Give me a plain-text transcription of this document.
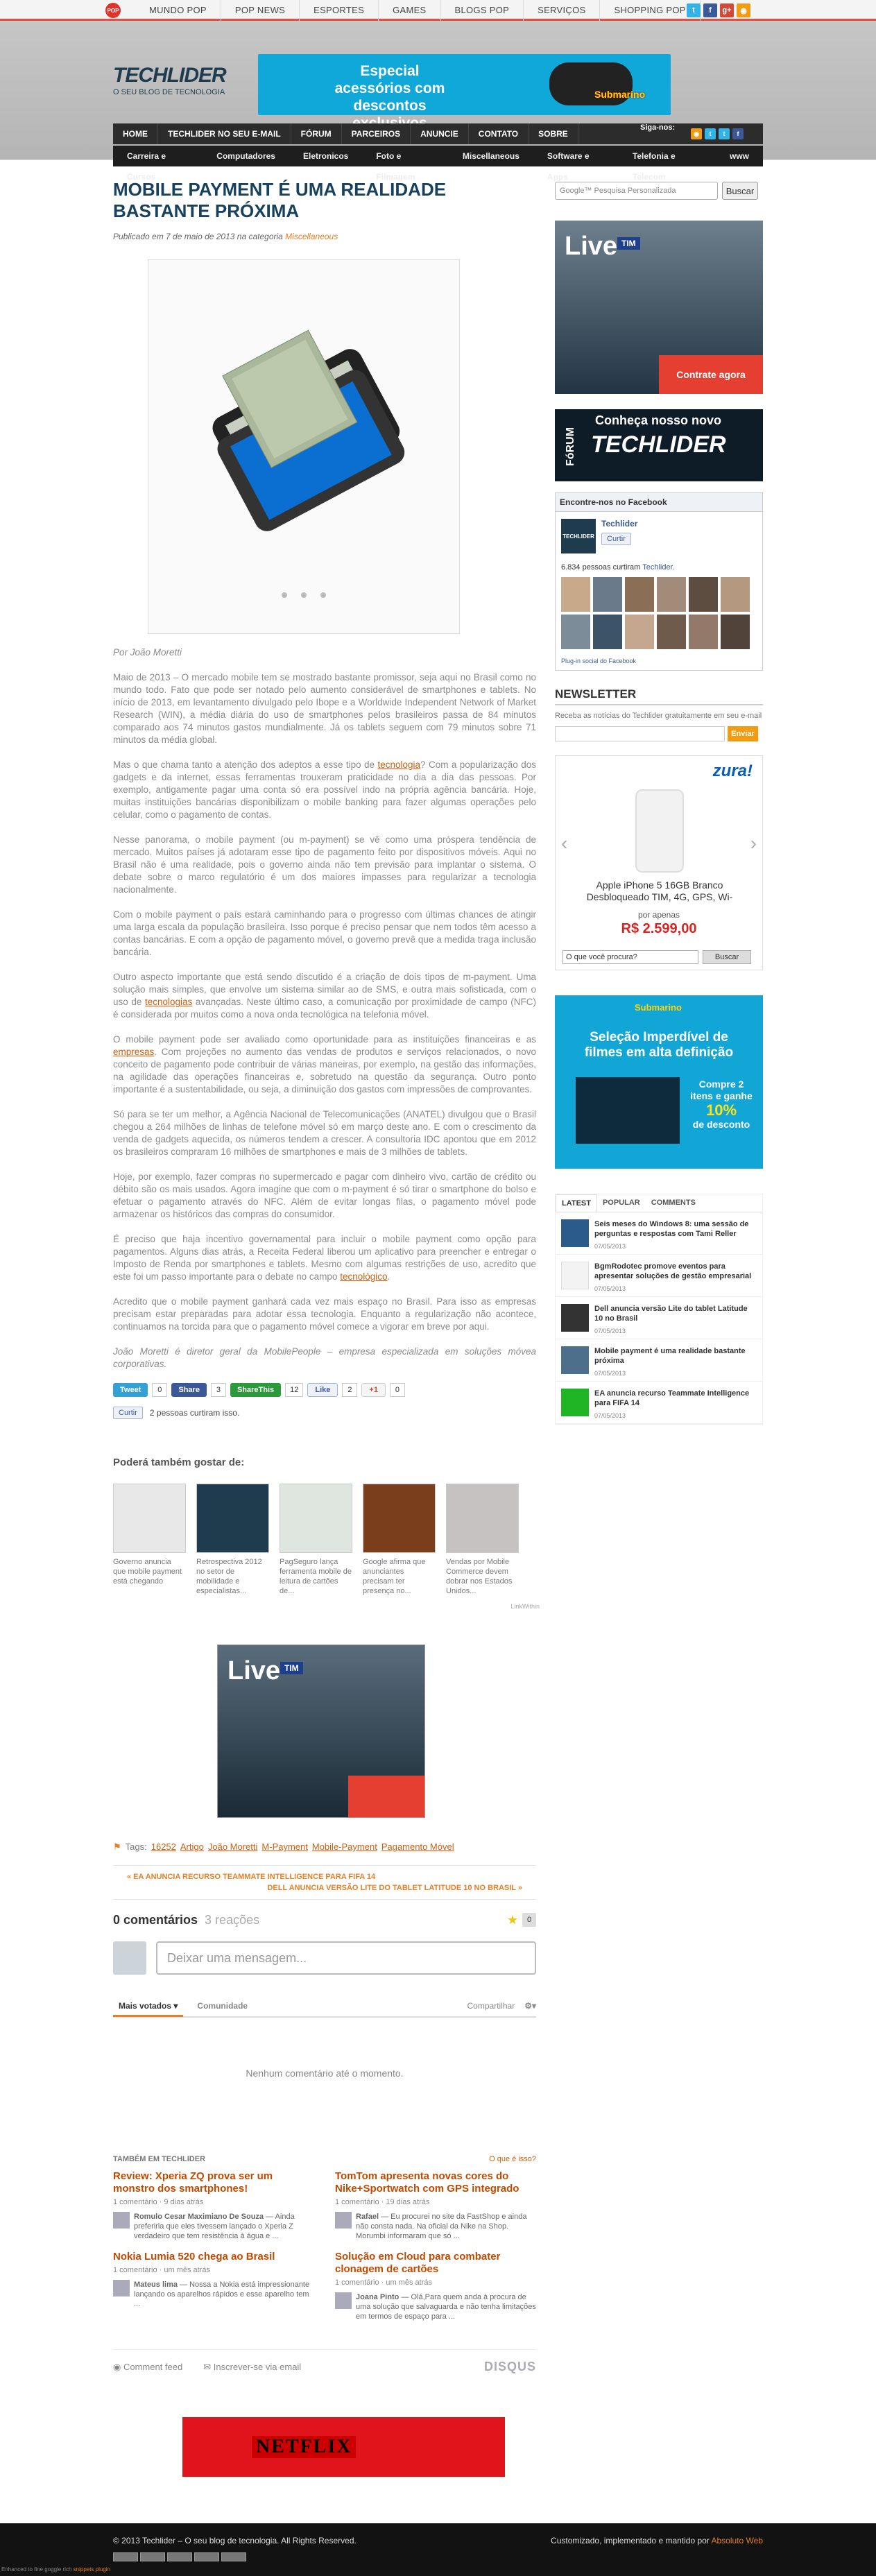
POP	MUNDO POP	POP NEWS	ESPORTES	GAMES	BLOGS POP	SERVIÇOS	SHOPPING POP t	f	g+	◉
TECHLIDER
O SEU BLOG DE TECNOLOGIA
Especial acessórios com descontos
Submarino
HOME	TECHLIDER NO SEU E-MAIL	FÓRUM	PARCEIROS	ANUNCIE	CONTATO	SOBRE
Siga-nos:
◉	t	t	f
Carreira e Cursos
Computadores	Eletronicos	Foto e Filmagem
Miscellaneous	Software e Apps
Telefonia e Telecom
www
MOBILE PAYMENT É UMA REALIDADE BASTANTE PRÓXIMA
Publicado em 7 de maio de 2013 na categoria Miscellaneous

Por João Moretti

Maio de 2013 – O mercado mobile tem se mostrado bastante promissor, seja aqui no Brasil como no mundo todo. Fato que pode ser notado pelo aumento considerável de smartphones e tablets. No início de 2013, em levantamento divulgado pelo Ibope e a Worldwide Independent Network of Market Research (WIN), a média diária do uso de smartphones pelos brasileiros passa de 84 minutos comparado aos 74 minutos gastos mundialmente. Já os tablets seguem com 79 minutos sobre 71 minutos da média global.

Mas o que chama tanto a atenção dos adeptos a esse tipo de tecnologia? Com a popularização dos gadgets e da internet, essas ferramentas trouxeram praticidade no dia a dia das pessoas. Por exemplo, antigamente pagar uma conta só era possível indo na própria agência bancária. Hoje, muitas instituições bancárias disponibilizam o mobile banking para fazer algumas operações pelo celular, como o pagamento de contas.

Nesse panorama, o mobile payment (ou m-payment) se vê como uma próspera tendência de mercado. Muitos países já adotaram esse tipo de pagamento feito por dispositivos móveis. Aqui no Brasil não é uma realidade, pois o governo ainda não tem previsão para implantar o sistema. O debate sobre o marco regulatório é um dos maiores impasses para regularizar a tecnologia nacionalmente.

Com o mobile payment o país estará caminhando para o progresso com últimas chances de atingir uma larga escala da população brasileira. Isso porque é preciso pensar que nem todos têm acesso a contas bancárias. E com a opção de pagamento móvel, o governo prevê que a medida traga inclusão bancária.

Outro aspecto importante que está sendo discutido é a criação de dois tipos de m-payment. Uma solução mais simples, que envolve um sistema similar ao de SMS, e outra mais sofisticada, com o uso de tecnologias avançadas. Neste último caso, a comunicação por proximidade de campo (NFC) é considerada por muitos como a nova onda tecnológica na telefonia móvel.

O mobile payment pode ser avaliado como oportunidade para as instituições financeiras e as empresas. Com projeções no aumento das vendas de produtos e serviços relacionados, o novo conceito de pagamento pode contribuir de várias maneiras, por exemplo, na gestão das informações, na agilidade das operações financeiras e, sobretudo na questão da segurança. Outro ponto importante é a sustentabilidade, ou seja, a diminuição dos gastos com impressões de comprovantes.

Só para se ter um melhor, a Agência Nacional de Telecomunicações (ANATEL) divulgou que o Brasil chegou a 264 milhões de linhas de telefone móvel só em março deste ano. E com o crescimento da venda de gadgets aquecida, os números tendem a crescer. A consultoria IDC apontou que em 2012 os brasileiros compraram 16 milhões de smartphones e mais de 3 milhões de tablets.

Hoje, por exemplo, fazer compras no supermercado e pagar com dinheiro vivo, cartão de crédito ou débito são os mais usados. Agora imagine que com o m-payment é só tirar o smartphone do bolso e efetuar o pagamento através do NFC. Além de evitar longas filas, o pagamento móvel pode armazenar os históricos das compras do consumidor.

É preciso que haja incentivo governamental para incluir o mobile payment como opção para pagamentos. Alguns dias atrás, a Receita Federal liberou um aplicativo para preencher e entregar o Imposto de Renda por smartphones e tablets. Mesmo com algumas restrições de uso, acredito que este foi um passo importante para o debate no campo tecnológico.

Acredito que o mobile payment ganhará cada vez mais espaço no Brasil. Para isso as empresas precisam estar preparadas para adotar essa tecnologia. Enquanto a regularização não acontece, continuamos na torcida para que o pagamento móvel comece a vigorar em breve por aqui.

João Moretti é diretor geral da MobilePeople – empresa especializada em soluções móvea corporativas.

Tweet	0	Share	3	ShareThis	12	Like	2	+1	0
Curtir	2 pessoas curtiram isso.
Poderá também gostar de:
Governo anuncia que mobile payment está chegando
Retrospectiva 2012 no setor de mobilidade e especialistas...
PagSeguro lança ferramenta mobile de leitura de cartões de...
Google afirma que anunciantes precisam ter presença no...
Vendas por Mobile Commerce devem dobrar nos Estados Unidos...
LinkWithin
Live TIM
⚑ Tags: 16252 Artigo João Moretti M-Payment Mobile-Payment Pagamento Móvel
« EA ANUNCIA RECURSO TEAMMATE INTELLIGENCE PARA FIFA 14
DELL ANUNCIA VERSÃO LITE DO TABLET LATITUDE 10 NO BRASIL »
0 comentários 3 reações	★	0
Deixar uma mensagem...
Mais votados ▾	Comunidade	Compartilhar ⚙▾
Nenhum comentário até o momento.
TAMBÉM EM TECHLIDER	O que é isso?
Review: Xperia ZQ prova ser um monstro dos smartphones!
1 comentário · 9 dias atrás
Romulo Cesar Maximiano De Souza — Ainda preferiria que eles tivessem lançado o Xperia Z verdadeiro que tem resistência à água e ...
TomTom apresenta novas cores do Nike+Sportwatch com GPS integrado
1 comentário · 19 dias atrás
Rafael — Eu procurei no site da FastShop e ainda não consta nada. Na oficial da Nike na Shop. Morumbi informaram que só ...
Nokia Lumia 520 chega ao Brasil
1 comentário · um mês atrás
Mateus lima — Nossa a Nokia está impressionante lançando os aparelhos rápidos e esse aparelho tem ...
Solução em Cloud para combater clonagem de cartões
1 comentário · um mês atrás
Joana Pinto — Olá,Para quem anda à procura de uma solução que salvaguarda e não tenha limitações em termos de espaço para ...
◉ Comment feed ✉ Inscrever-se via email	DISQUS
NETFLIX
Google™ Pesquisa Personalizada	Buscar
Live TIM
Contrate agora
FóRUM
Conheça nosso novo
TECHLIDER
Encontre-nos no Facebook
TECHLIDER
Techlider
Curtir
6.834 pessoas curtiram Techlider.
Plug-in social do Facebook
NEWSLETTER
Receba as notícias do Techlider gratuitamente em seu e-mail
Enviar
zura!
‹	›
Apple iPhone 5 16GB Branco Desbloqueado TIM, 4G, GPS, Wi-
por apenas
R$ 2.599,00
O que você procura?	Buscar
Submarino
Seleção Imperdível de filmes em alta definição
Compre 2 itens e ganhe
10%
de desconto
LATEST	POPULAR	COMMENTS
Seis meses do Windows 8: uma sessão de perguntas e respostas com Tami Reller
07/05/2013
BgmRodotec promove eventos para apresentar soluções de gestão empresarial
07/05/2013
Dell anuncia versão Lite do tablet Latitude 10 no Brasil
07/05/2013
Mobile payment é uma realidade bastante próxima
07/05/2013
EA anuncia recurso Teammate Intelligence para FIFA 14
07/05/2013
© 2013 Techlider – O seu blog de tecnologia. All Rights Reserved.	Customizado, implementado e mantido por Absoluto Web
Enhanced to fine goggle rich snippets plugin
